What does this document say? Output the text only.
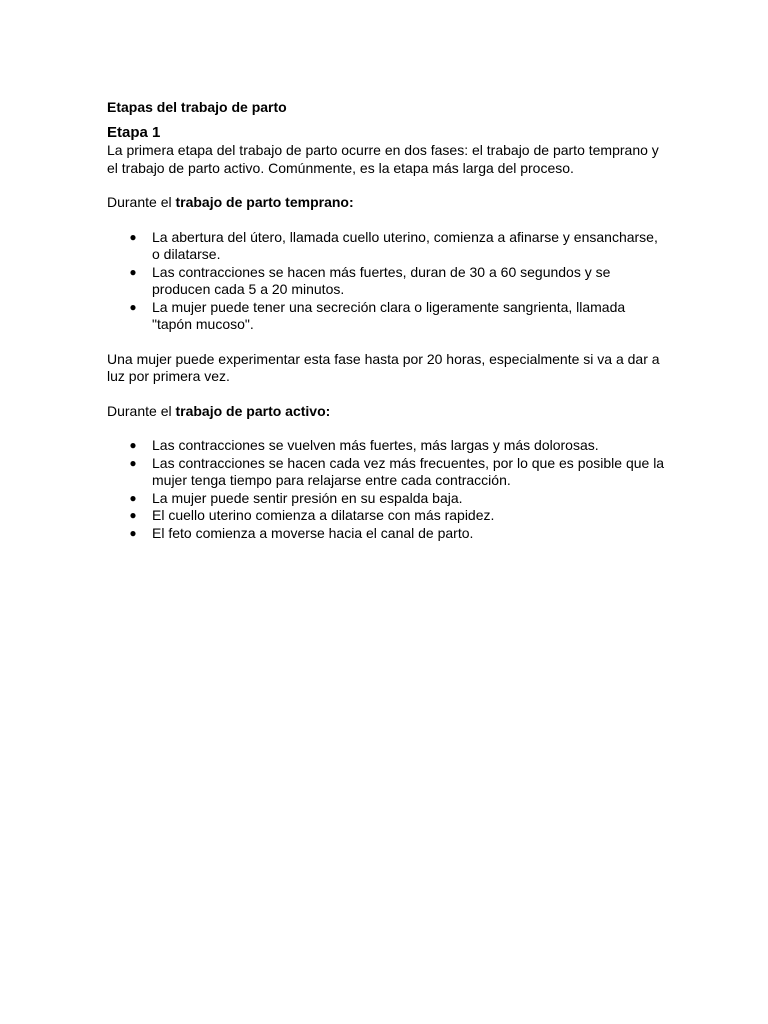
Etapas del trabajo de parto
Etapa 1

La primera etapa del trabajo de parto ocurre en dos fases: el trabajo de parto temprano y el trabajo de parto activo. Comúnmente, es la etapa más larga del proceso.

Durante el trabajo de parto temprano:

● La abertura del útero, llamada cuello uterino, comienza a afinarse y ensancharse, o dilatarse.
● Las contracciones se hacen más fuertes, duran de 30 a 60 segundos y se producen cada 5 a 20 minutos.
● La mujer puede tener una secreción clara o ligeramente sangrienta, llamada "tapón mucoso".

Una mujer puede experimentar esta fase hasta por 20 horas, especialmente si va a dar a luz por primera vez.

Durante el trabajo de parto activo:

● Las contracciones se vuelven más fuertes, más largas y más dolorosas.
● Las contracciones se hacen cada vez más frecuentes, por lo que es posible que la mujer tenga tiempo para relajarse entre cada contracción.
● La mujer puede sentir presión en su espalda baja.
● El cuello uterino comienza a dilatarse con más rapidez.
● El feto comienza a moverse hacia el canal de parto.
